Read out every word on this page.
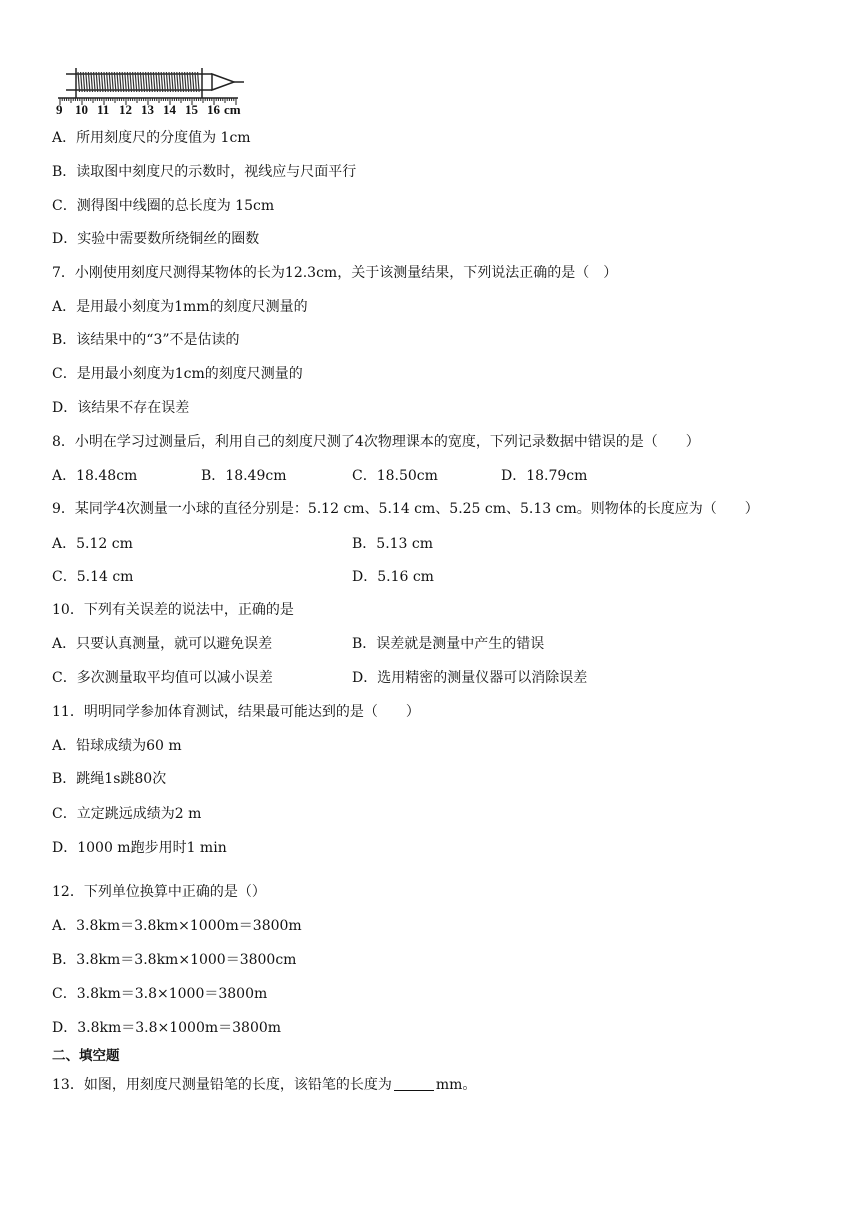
9 10 11 12 13 14 15 16 cm
A．所用刻度尺的分度值为 1cm
B．读取图中刻度尺的示数时，视线应与尺面平行
C．测得图中线圈的总长度为 15cm
D．实验中需要数所绕铜丝的圈数
7．小刚使用刻度尺测得某物体的长为12.3cm，关于该测量结果，下列说法正确的是（　）
A．是用最小刻度为1mm的刻度尺测量的
B．该结果中的“3”不是估读的
C．是用最小刻度为1cm的刻度尺测量的
D．该结果不存在误差
8．小明在学习过测量后，利用自己的刻度尺测了4次物理课本的宽度，下列记录数据中错误的是（　　）
A．18.48cm	B．18.49cm	C．18.50cm	D．18.79cm
9．某同学4次测量一小球的直径分别是：5.12 cm、5.14 cm、5.25 cm、5.13 cm。则物体的长度应为（　　）
A．5.12 cm	B．5.13 cm
C．5.14 cm	D．5.16 cm
10．下列有关误差的说法中，正确的是
A．只要认真测量，就可以避免误差	B．误差就是测量中产生的错误
C．多次测量取平均值可以减小误差	D．选用精密的测量仪器可以消除误差
11．明明同学参加体育测试，结果最可能达到的是（　　）
A．铅球成绩为60 m
B．跳绳1s跳80次
C．立定跳远成绩为2 m
D．1000 m跑步用时1 min
12．下列单位换算中正确的是（）
A．3.8km＝3.8km×1000m＝3800m
B．3.8km＝3.8km×1000＝3800cm
C．3.8km＝3.8×1000＝3800m
D．3.8km＝3.8×1000m＝3800m
二、填空题
13．如图，用刻度尺测量铅笔的长度，该铅笔的长度为	mm。
